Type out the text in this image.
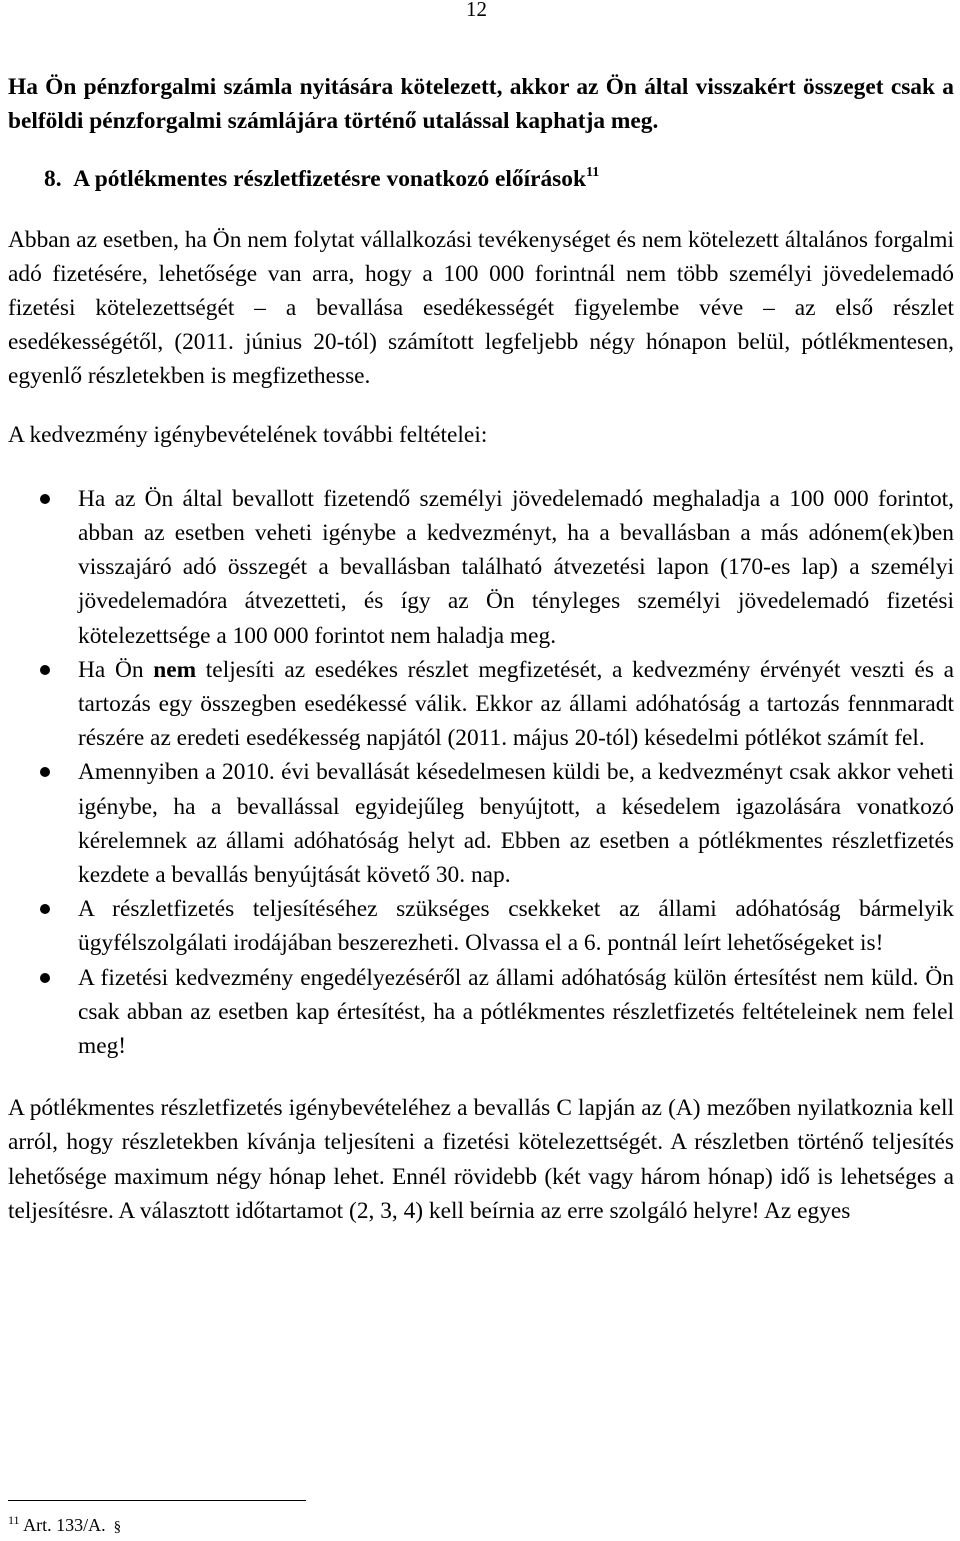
12

Ha Ön pénzforgalmi számla nyitására kötelezett, akkor az Ön által visszakért összeget csak a belföldi pénzforgalmi számlájára történő utalással kaphatja meg.

8. A pótlékmentes részletfizetésre vonatkozó előírások$^{11}$

Abban az esetben, ha Ön nem folytat vállalkozási tevékenységet és nem kötelezett általános forgalmi adó fizetésére, lehetősége van arra, hogy a 100 000 forintnál nem több személyi jövedelemadó fizetési kötelezettségét – a bevallása esedékességét figyelembe véve – az első részlet esedékességétől, (2011. június 20-tól) számított legfeljebb négy hónapon belül, pótlékmentesen, egyenlő részletekben is megfizethesse.

A kedvezmény igénybevételének további feltételei:

Ha az Ön által bevallott fizetendő személyi jövedelemadó meghaladja a 100 000 forintot, abban az esetben veheti igénybe a kedvezményt, ha a bevallásban a más adónem(ek)ben visszajáró adó összegét a bevallásban található átvezetési lapon (170-es lap) a személyi jövedelemadóra átvezetteti, és így az Ön tényleges személyi jövedelemadó fizetési kötelezettsége a 100 000 forintot nem haladja meg.
Ha Ön nem teljesíti az esedékes részlet megfizetését, a kedvezmény érvényét veszti és a tartozás egy összegben esedékessé válik. Ekkor az állami adóhatóság a tartozás fennmaradt részére az eredeti esedékesség napjától (2011. május 20-tól) késedelmi pótlékot számít fel.
Amennyiben a 2010. évi bevallását késedelmesen küldi be, a kedvezményt csak akkor veheti igénybe, ha a bevallással egyidejűleg benyújtott, a késedelem igazolására vonatkozó kérelemnek az állami adóhatóság helyt ad. Ebben az esetben a pótlékmentes részletfizetés kezdete a bevallás benyújtását követő 30. nap.
A részletfizetés teljesítéséhez szükséges csekkeket az állami adóhatóság bármelyik ügyfélszolgálati irodájában beszerezheti. Olvassa el a 6. pontnál leírt lehetőségeket is!
A fizetési kedvezmény engedélyezéséről az állami adóhatóság külön értesítést nem küld. Ön csak abban az esetben kap értesítést, ha a pótlékmentes részletfizetés feltételeinek nem felel meg!

A pótlékmentes részletfizetés igénybevételéhez a bevallás C lapján az (A) mezőben nyilatkoznia kell arról, hogy részletekben kívánja teljesíteni a fizetési kötelezettségét. A részletben történő teljesítés lehetősége maximum négy hónap lehet. Ennél rövidebb (két vagy három hónap) idő is lehetséges a teljesítésre. A választott időtartamot (2, 3, 4) kell beírnia az erre szolgáló helyre! Az egyes

$^{11}$ Art. 133/A. §
